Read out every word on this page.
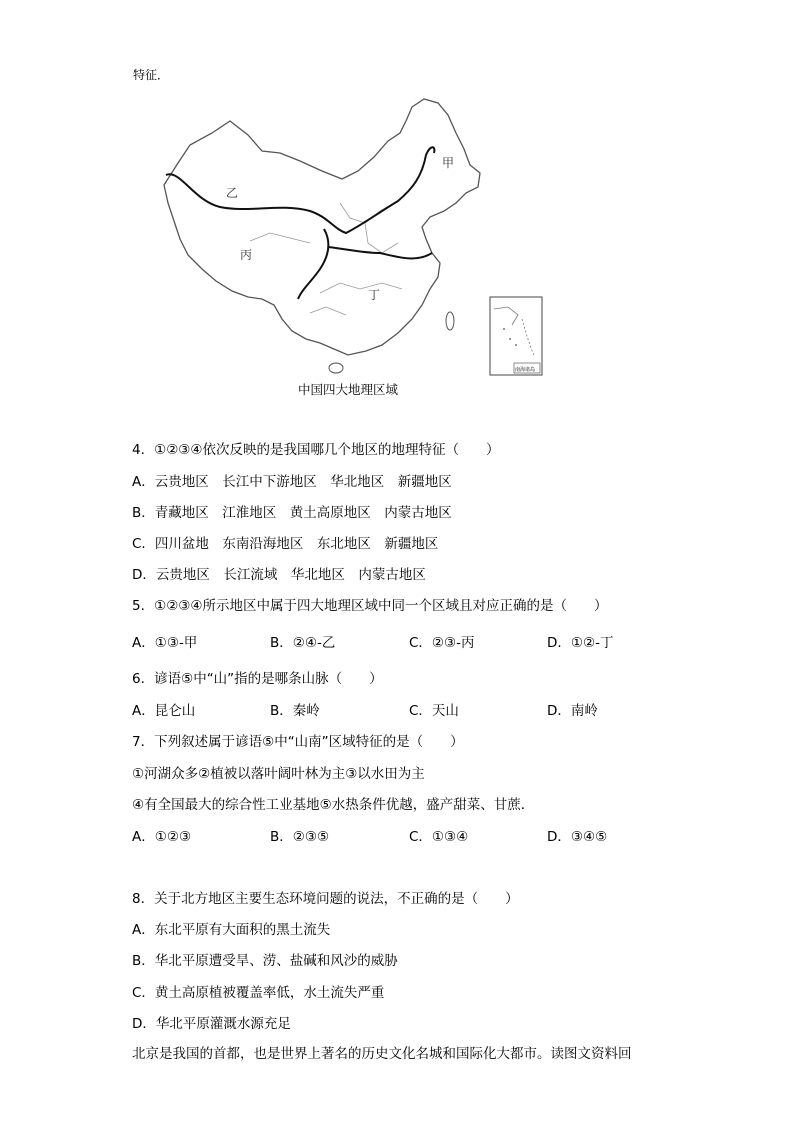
特征．
甲
乙
丙
丁
南海诸岛
中国四大地理区域
4．①②③④依次反映的是我国哪几个地区的地理特征（　　）
A．云贵地区　长江中下游地区　华北地区　新疆地区
B．青藏地区　江淮地区　黄土高原地区　内蒙古地区
C．四川盆地　东南沿海地区　东北地区　新疆地区
D．云贵地区　长江流域　华北地区　内蒙古地区
5．①②③④所示地区中属于四大地理区域中同一个区域且对应正确的是（　　）
A．①③-甲	B．②④-乙	C．②③-丙	D．①②-丁
6．谚语⑤中“山”指的是哪条山脉（　　）
A．昆仑山	B．秦岭	C．天山	D．南岭
7．下列叙述属于谚语⑤中“山南”区域特征的是（　　）
①河湖众多②植被以落叶阔叶林为主③以水田为主
④有全国最大的综合性工业基地⑤水热条件优越，盛产甜菜、甘蔗．
A．①②③	B．②③⑤	C．①③④	D．③④⑤
8．关于北方地区主要生态环境问题的说法，不正确的是（　　）
A．东北平原有大面积的黑土流失
B．华北平原遭受旱、涝、盐碱和风沙的威胁
C．黄土高原植被覆盖率低，水土流失严重
D．华北平原灌溉水源充足
北京是我国的首都，也是世界上著名的历史文化名城和国际化大都市。读图文资料回
